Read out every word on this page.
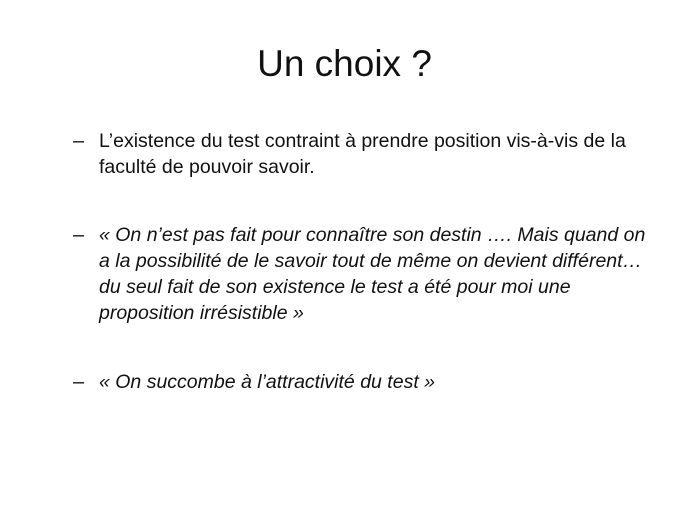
Un choix ?
– L’existence du test contraint à prendre position vis-à-vis de la faculté de pouvoir savoir.

– « On n’est pas fait pour connaître son destin …. Mais quand on a la possibilité de le savoir tout de même on devient différent… du seul fait de son existence le test a été pour moi une proposition irrésistible »

– « On succombe à l’attractivité du test »
